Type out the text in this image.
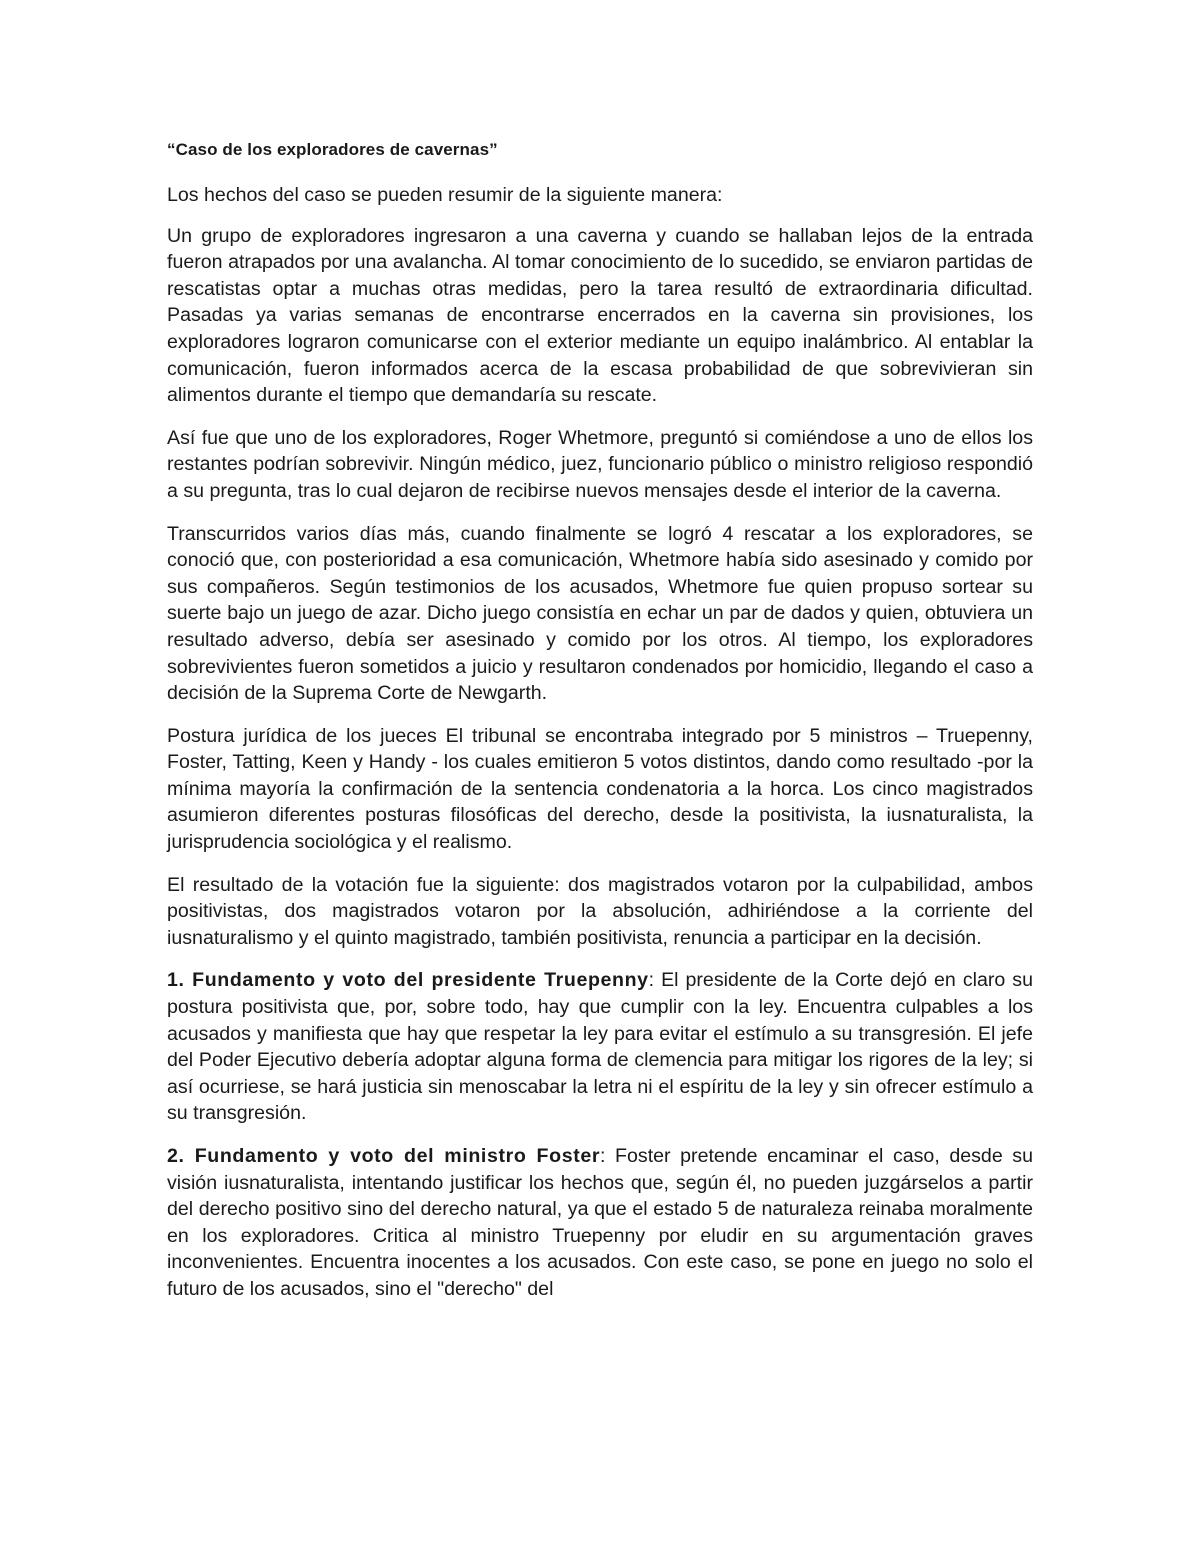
“Caso de los exploradores de cavernas”

Los hechos del caso se pueden resumir de la siguiente manera:

Un grupo de exploradores ingresaron a una caverna y cuando se hallaban lejos de la entrada fueron atrapados por una avalancha. Al tomar conocimiento de lo sucedido, se enviaron partidas de rescatistas optar a muchas otras medidas, pero la tarea resultó de extraordinaria dificultad. Pasadas ya varias semanas de encontrarse encerrados en la caverna sin provisiones, los exploradores lograron comunicarse con el exterior mediante un equipo inalámbrico. Al entablar la comunicación, fueron informados acerca de la escasa probabilidad de que sobrevivieran sin alimentos durante el tiempo que demandaría su rescate.

Así fue que uno de los exploradores, Roger Whetmore, preguntó si comiéndose a uno de ellos los restantes podrían sobrevivir. Ningún médico, juez, funcionario público o ministro religioso respondió a su pregunta, tras lo cual dejaron de recibirse nuevos mensajes desde el interior de la caverna.

Transcurridos varios días más, cuando finalmente se logró 4 rescatar a los exploradores, se conoció que, con posterioridad a esa comunicación, Whetmore había sido asesinado y comido por sus compañeros. Según testimonios de los acusados, Whetmore fue quien propuso sortear su suerte bajo un juego de azar. Dicho juego consistía en echar un par de dados y quien, obtuviera un resultado adverso, debía ser asesinado y comido por los otros. Al tiempo, los exploradores sobrevivientes fueron sometidos a juicio y resultaron condenados por homicidio, llegando el caso a decisión de la Suprema Corte de Newgarth.

Postura jurídica de los jueces El tribunal se encontraba integrado por 5 ministros – Truepenny, Foster, Tatting, Keen y Handy - los cuales emitieron 5 votos distintos, dando como resultado -por la mínima mayoría la confirmación de la sentencia condenatoria a la horca. Los cinco magistrados asumieron diferentes posturas filosóficas del derecho, desde la positivista, la iusnaturalista, la jurisprudencia sociológica y el realismo.

El resultado de la votación fue la siguiente: dos magistrados votaron por la culpabilidad, ambos positivistas, dos magistrados votaron por la absolución, adhiriéndose a la corriente del iusnaturalismo y el quinto magistrado, también positivista, renuncia a participar en la decisión.

1. Fundamento y voto del presidente Truepenny: El presidente de la Corte dejó en claro su postura positivista que, por, sobre todo, hay que cumplir con la ley. Encuentra culpables a los acusados y manifiesta que hay que respetar la ley para evitar el estímulo a su transgresión. El jefe del Poder Ejecutivo debería adoptar alguna forma de clemencia para mitigar los rigores de la ley; si así ocurriese, se hará justicia sin menoscabar la letra ni el espíritu de la ley y sin ofrecer estímulo a su transgresión.

2. Fundamento y voto del ministro Foster: Foster pretende encaminar el caso, desde su visión iusnaturalista, intentando justificar los hechos que, según él, no pueden juzgárselos a partir del derecho positivo sino del derecho natural, ya que el estado 5 de naturaleza reinaba moralmente en los exploradores. Critica al ministro Truepenny por eludir en su argumentación graves inconvenientes. Encuentra inocentes a los acusados. Con este caso, se pone en juego no solo el futuro de los acusados, sino el "derecho" del
